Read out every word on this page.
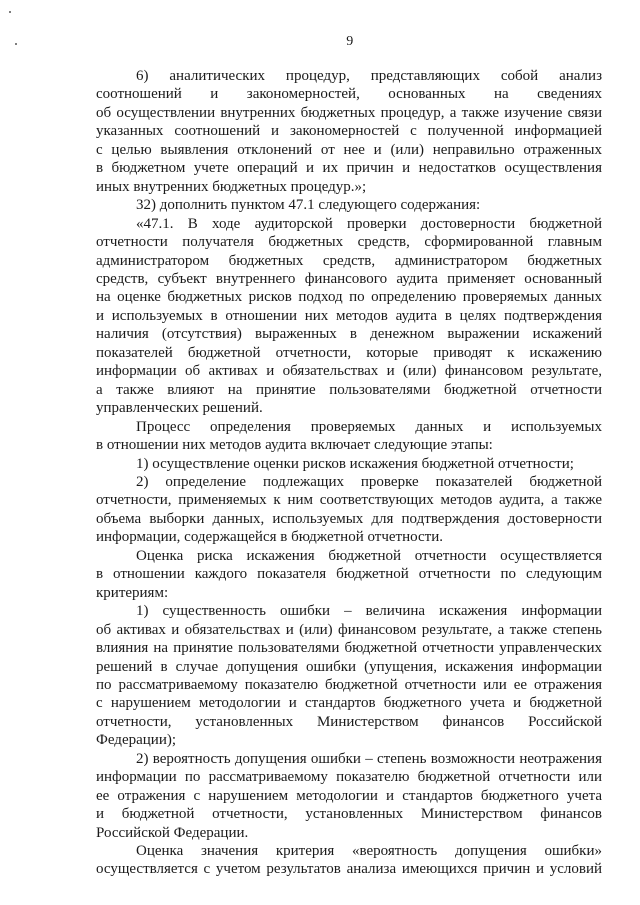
9
6) аналитических процедур, представляющих собой анализ
соотношений и закономерностей, основанных на сведениях
об осуществлении внутренних бюджетных процедур, а также изучение связи
указанных соотношений и закономерностей с полученной информацией
с целью выявления отклонений от нее и (или) неправильно отраженных
в бюджетном учете операций и их причин и недостатков осуществления
иных внутренних бюджетных процедур.»;
32) дополнить пунктом 47.1 следующего содержания:
«47.1. В ходе аудиторской проверки достоверности бюджетной
отчетности получателя бюджетных средств, сформированной главным
администратором бюджетных средств, администратором бюджетных
средств, субъект внутреннего финансового аудита применяет основанный
на оценке бюджетных рисков подход по определению проверяемых данных
и используемых в отношении них методов аудита в целях подтверждения
наличия (отсутствия) выраженных в денежном выражении искажений
показателей бюджетной отчетности, которые приводят к искажению
информации об активах и обязательствах и (или) финансовом результате,
а также влияют на принятие пользователями бюджетной отчетности
управленческих решений.
Процесс определения проверяемых данных и используемых
в отношении них методов аудита включает следующие этапы:
1) осуществление оценки рисков искажения бюджетной отчетности;
2) определение подлежащих проверке показателей бюджетной
отчетности, применяемых к ним соответствующих методов аудита, а также
объема выборки данных, используемых для подтверждения достоверности
информации, содержащейся в бюджетной отчетности.
Оценка риска искажения бюджетной отчетности осуществляется
в отношении каждого показателя бюджетной отчетности по следующим
критериям:
1) существенность ошибки – величина искажения информации
об активах и обязательствах и (или) финансовом результате, а также степень
влияния на принятие пользователями бюджетной отчетности управленческих
решений в случае допущения ошибки (упущения, искажения информации
по рассматриваемому показателю бюджетной отчетности или ее отражения
с нарушением методологии и стандартов бюджетного учета и бюджетной
отчетности, установленных Министерством финансов Российской
Федерации);
2) вероятность допущения ошибки – степень возможности неотражения
информации по рассматриваемому показателю бюджетной отчетности или
ее отражения с нарушением методологии и стандартов бюджетного учета
и бюджетной отчетности, установленных Министерством финансов
Российской Федерации.
Оценка значения критерия «вероятность допущения ошибки»
осуществляется с учетом результатов анализа имеющихся причин и условий
